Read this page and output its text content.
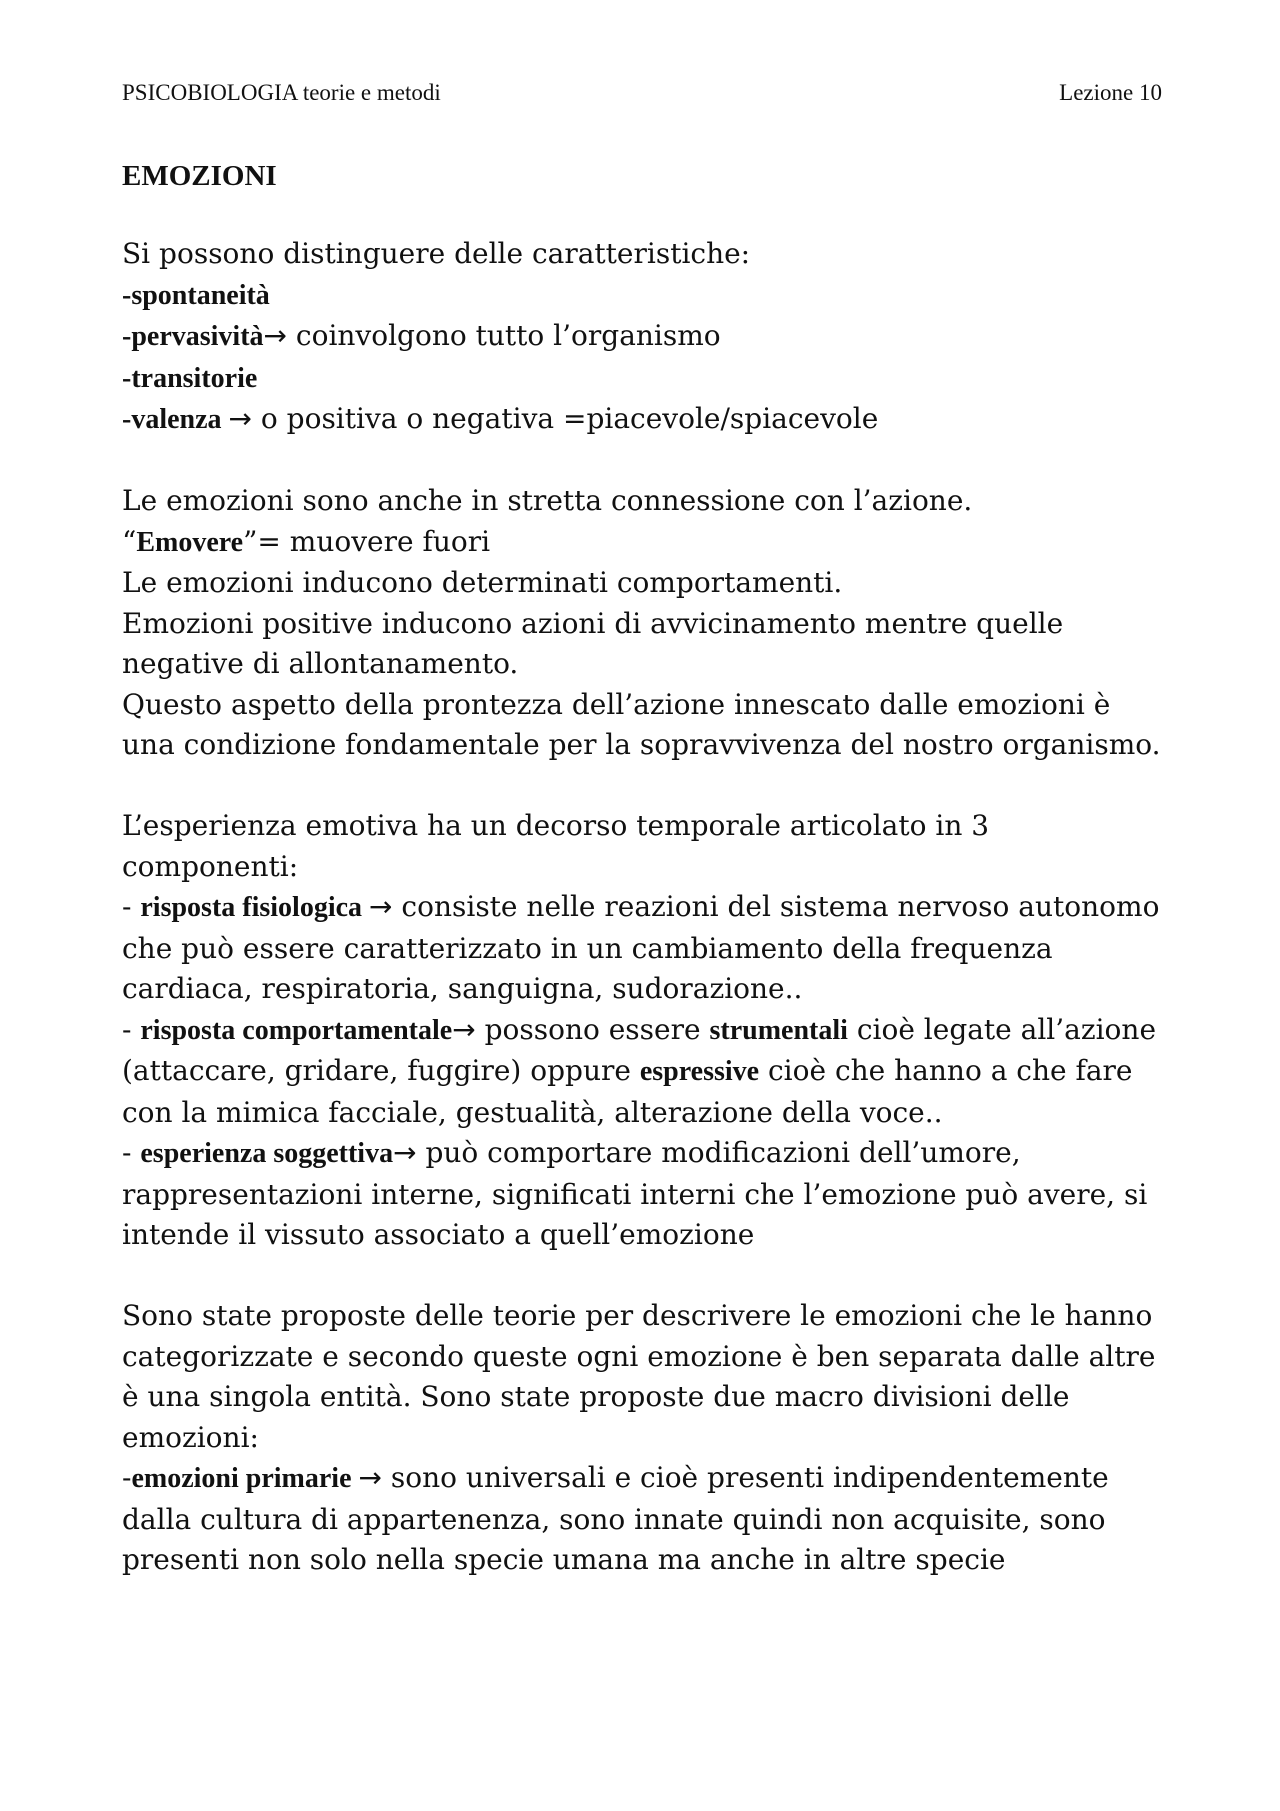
PSICOBIOLOGIA teorie e metodi	Lezione 10
EMOZIONI

Si possono distinguere delle caratteristiche:

-spontaneità

-pervasività→ coinvolgono tutto l’organismo

-transitorie

-valenza → o positiva o negativa =piacevole/spiacevole

Le emozioni sono anche in stretta connessione con l’azione.

“Emovere”= muovere fuori

Le emozioni inducono determinati comportamenti.

Emozioni positive inducono azioni di avvicinamento mentre quelle negative di allontanamento.

Questo aspetto della prontezza dell’azione innescato dalle emozioni è una condizione fondamentale per la sopravvivenza del nostro organismo.

L’esperienza emotiva ha un decorso temporale articolato in 3 componenti:

- risposta fisiologica → consiste nelle reazioni del sistema nervoso autonomo che può essere caratterizzato in un cambiamento della frequenza cardiaca, respiratoria, sanguigna, sudorazione..

- risposta comportamentale→ possono essere strumentali cioè legate all’azione (attaccare, gridare, fuggire) oppure espressive cioè che hanno a che fare con la mimica facciale, gestualità, alterazione della voce..

- esperienza soggettiva→ può comportare modificazioni dell’umore, rappresentazioni interne, significati interni che l’emozione può avere, si intende il vissuto associato a quell’emozione

Sono state proposte delle teorie per descrivere le emozioni che le hanno categorizzate e secondo queste ogni emozione è ben separata dalle altre è una singola entità. Sono state proposte due macro divisioni delle emozioni:

-emozioni primarie → sono universali e cioè presenti indipendentemente dalla cultura di appartenenza, sono innate quindi non acquisite, sono presenti non solo nella specie umana ma anche in altre specie
